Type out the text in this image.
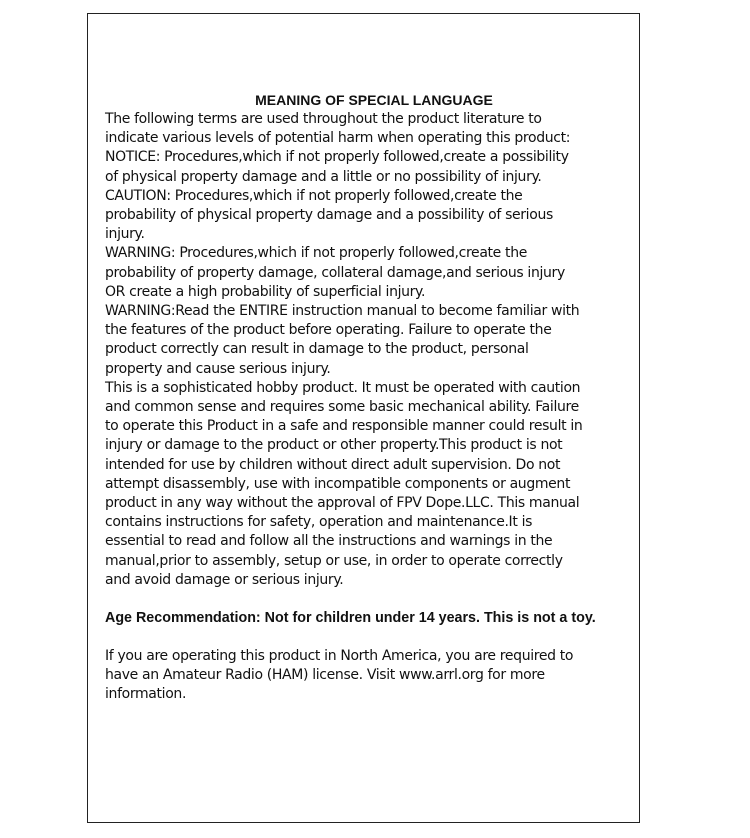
MEANING OF SPECIAL LANGUAGE

The following terms are used throughout the product literature to
indicate various levels of potential harm when operating this product:

NOTICE: Procedures,which if not properly followed,create a possibility
of physical property damage and a little or no possibility of injury.

CAUTION: Procedures,which if not properly followed,create the
probability of physical property damage and a possibility of serious
injury.

WARNING: Procedures,which if not properly followed,create the
probability of property damage, collateral damage,and serious injury
OR create a high probability of superficial injury.

WARNING:Read the ENTIRE instruction manual to become familiar with
the features of the product before operating. Failure to operate the
product correctly can result in damage to the product, personal
property and cause serious injury.

This is a sophisticated hobby product. It must be operated with caution
and common sense and requires some basic mechanical ability. Failure
to operate this Product in a safe and responsible manner could result in
injury or damage to the product or other property.This product is not
intended for use by children without direct adult supervision. Do not
attempt disassembly, use with incompatible components or augment
product in any way without the approval of FPV Dope.LLC. This manual
contains instructions for safety, operation and maintenance.It is
essential to read and follow all the instructions and warnings in the
manual,prior to assembly, setup or use, in order to operate correctly
and avoid damage or serious injury.

Age Recommendation: Not for children under 14 years. This is not a toy.

If you are operating this product in North America, you are required to
have an Amateur Radio (HAM) license. Visit www.arrl.org for more
information.
